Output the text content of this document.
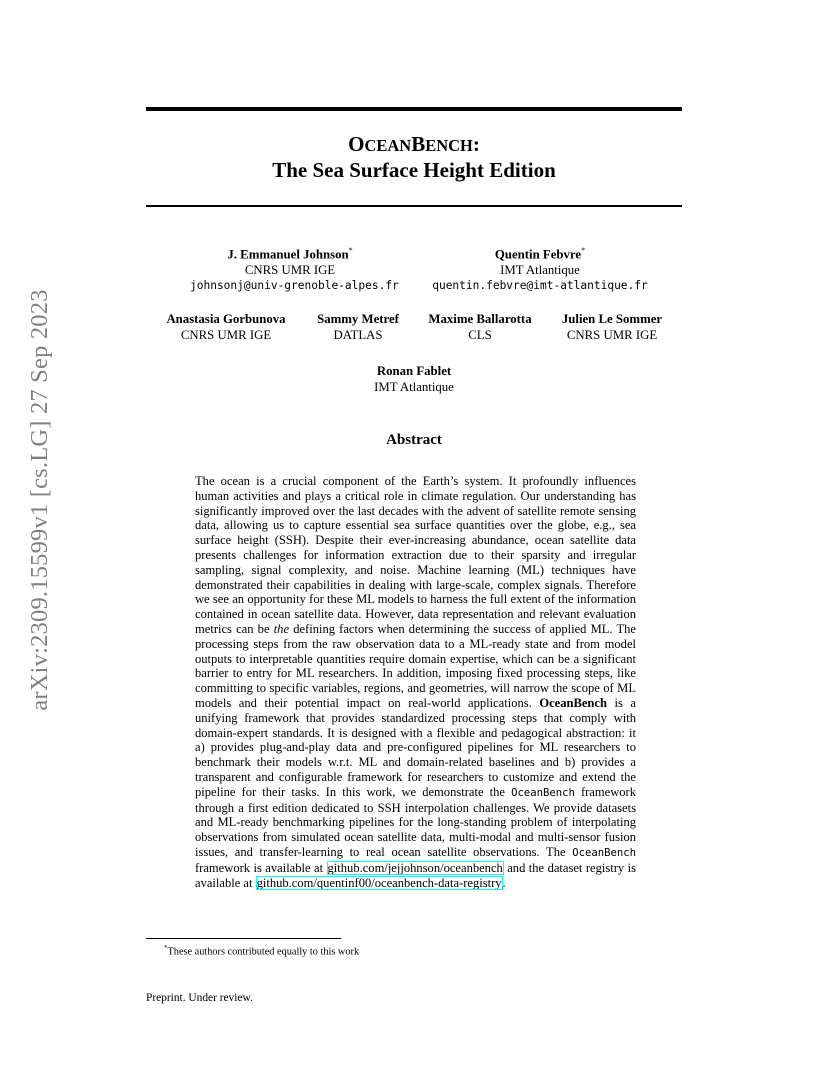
arXiv:2309.15599v1 [cs.LG] 27 Sep 2023
OCEANBENCH:
The Sea Surface Height Edition
J. Emmanuel Johnson*
CNRS UMR IGE
johnsonj@univ-grenoble-alpes.fr
Quentin Febvre*
IMT Atlantique
quentin.febvre@imt-atlantique.fr
Anastasia Gorbunova
CNRS UMR IGE
Sammy Metref
DATLAS
Maxime Ballarotta
CLS
Julien Le Sommer
CNRS UMR IGE
Ronan Fablet
IMT Atlantique
Abstract

The ocean is a crucial component of the Earth’s system. It profoundly influences human activities and plays a critical role in climate regulation. Our understanding has significantly improved over the last decades with the advent of satellite remote sensing data, allowing us to capture essential sea surface quantities over the globe, e.g., sea surface height (SSH). Despite their ever-increasing abundance, ocean satellite data presents challenges for information extraction due to their sparsity and irregular sampling, signal complexity, and noise. Machine learning (ML) techniques have demonstrated their capabilities in dealing with large-scale, complex signals. Therefore we see an opportunity for these ML models to harness the full extent of the information contained in ocean satellite data. However, data representation and relevant evaluation metrics can be the defining factors when determining the success of applied ML. The processing steps from the raw observation data to a ML-ready state and from model outputs to interpretable quantities require domain expertise, which can be a significant barrier to entry for ML researchers. In addition, imposing fixed processing steps, like committing to specific variables, regions, and geometries, will narrow the scope of ML models and their potential impact on real-world applications. OceanBench is a unifying framework that provides standardized processing steps that comply with domain-expert standards. It is designed with a flexible and pedagogical abstraction: it a) provides plug-and-play data and pre-configured pipelines for ML researchers to benchmark their models w.r.t. ML and domain-related baselines and b) provides a transparent and configurable framework for researchers to customize and extend the pipeline for their tasks. In this work, we demonstrate the OceanBench framework through a first edition dedicated to SSH interpolation challenges. We provide datasets and ML-ready benchmarking pipelines for the long-standing problem of interpolating observations from simulated ocean satellite data, multi-modal and multi-sensor fusion issues, and transfer-learning to real ocean satellite observations. The OceanBench framework is available at github.com/jejjohnson/oceanbench and the dataset registry is available at github.com/quentinf00/oceanbench-data-registry.

*These authors contributed equally to this work
Preprint. Under review.
